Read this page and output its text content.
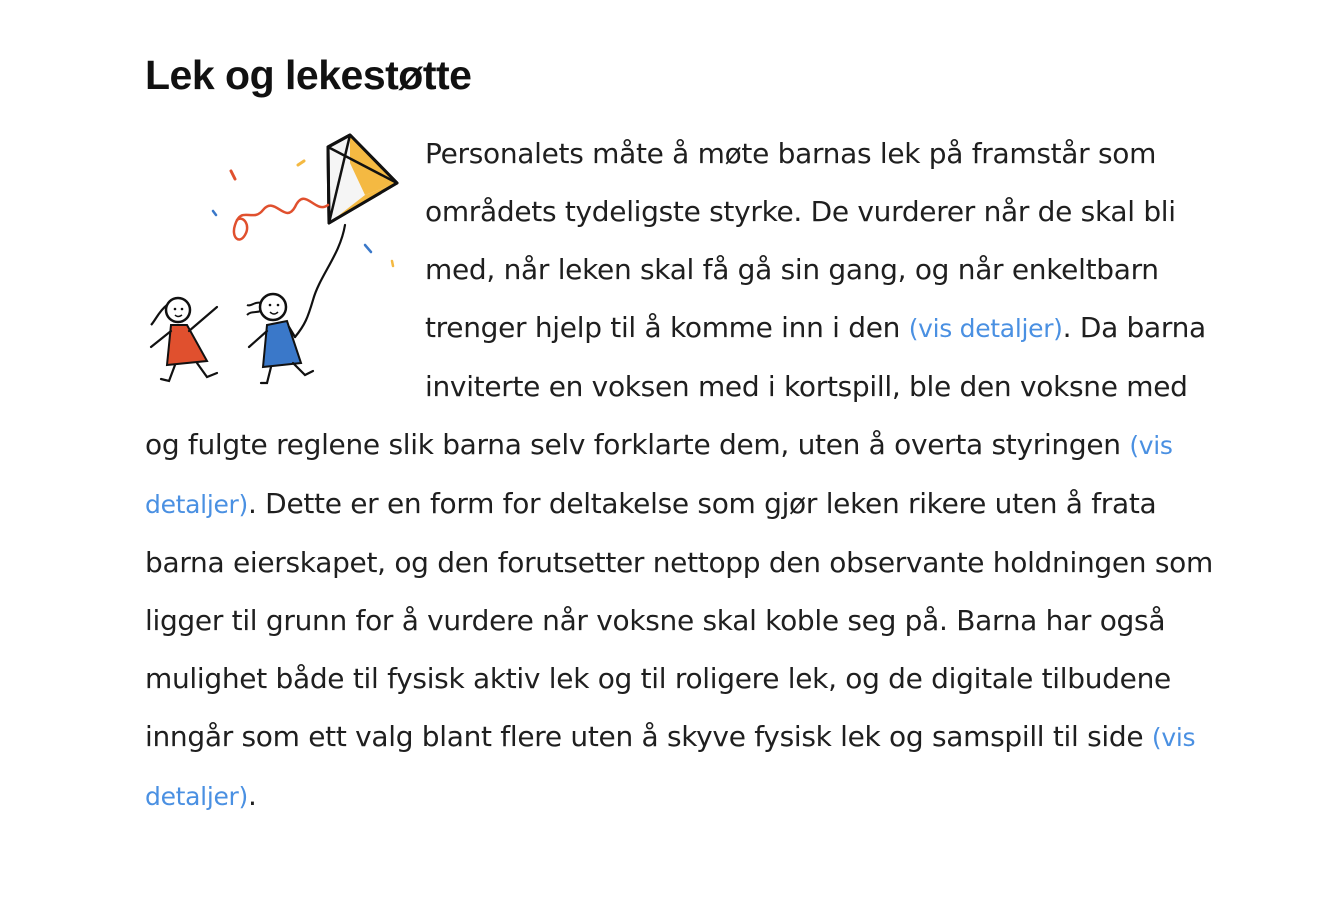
Lek og lekestøtte

Personalets måte å møte barnas lek på framstår som områdets tydeligste styrke. De vurderer når de skal bli med, når leken skal få gå sin gang, og når enkeltbarn trenger hjelp til å komme inn i den (vis detaljer). Da barna inviterte en voksen med i kortspill, ble den voksne med og fulgte reglene slik barna selv forklarte dem, uten å overta styringen (vis detaljer). Dette er en form for deltakelse som gjør leken rikere uten å frata barna eierskapet, og den forutsetter nettopp den observante holdningen som ligger til grunn for å vurdere når voksne skal koble seg på. Barna har også mulighet både til fysisk aktiv lek og til roligere lek, og de digitale tilbudene inngår som ett valg blant flere uten å skyve fysisk lek og samspill til side (vis detaljer).
